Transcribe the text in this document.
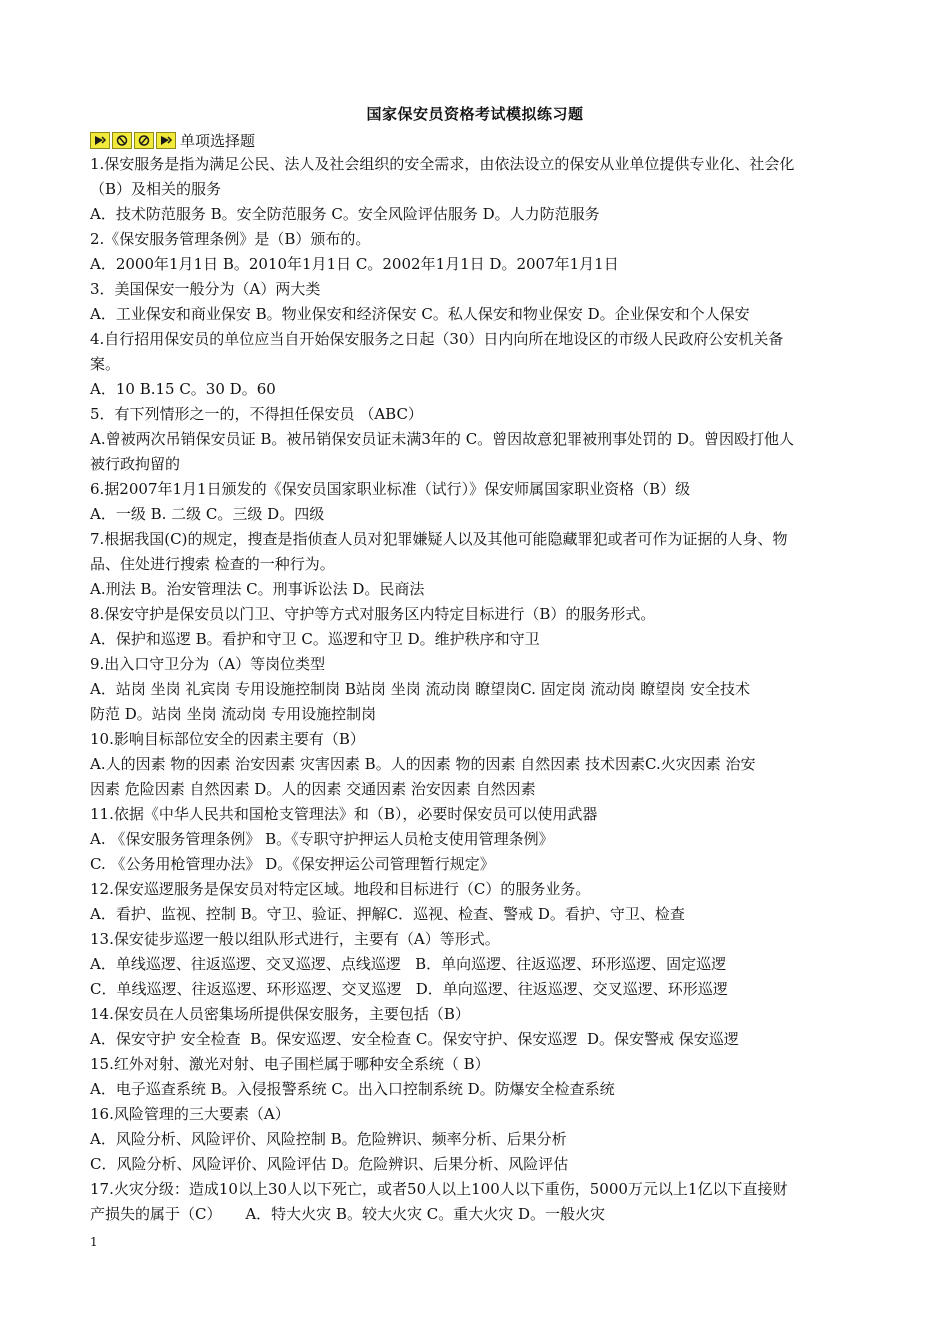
国家保安员资格考试模拟练习题
单项选择题
1.保安服务是指为满足公民、法人及社会组织的安全需求，由依法设立的保安从业单位提供专业化、社会化
（B）及相关的服务
A．技术防范服务 B。安全防范服务 C。安全风险评估服务 D。人力防范服务
2.《保安服务管理条例》是（B）颁布的。
A．2000年1月1日 B。2010年1月1日 C。2002年1月1日 D。2007年1月1日
3．美国保安一般分为（A）两大类
A．工业保安和商业保安 B。物业保安和经济保安 C。私人保安和物业保安 D。企业保安和个人保安
4.自行招用保安员的单位应当自开始保安服务之日起（30）日内向所在地设区的市级人民政府公安机关备
案。
A．10 B.15 C。30 D。60
5．有下列情形之一的，不得担任保安员 （ABC）
A.曾被两次吊销保安员证 B。被吊销保安员证未满3年的 C。曾因故意犯罪被刑事处罚的 D。曾因殴打他人
被行政拘留的
6.据2007年1月1日颁发的《保安员国家职业标准（试行）》保安师属国家职业资格（B）级
A．一级 B. 二级 C。三级 D。四级
7.根据我国(C)的规定，搜查是指侦查人员对犯罪嫌疑人以及其他可能隐藏罪犯或者可作为证据的人身、物
品、住处进行搜索 检查的一种行为。
A.刑法 B。治安管理法 C。刑事诉讼法 D。民商法
8.保安守护是保安员以门卫、守护等方式对服务区内特定目标进行（B）的服务形式。
A．保护和巡逻 B。看护和守卫 C。巡逻和守卫 D。维护秩序和守卫
9.出入口守卫分为（A）等岗位类型
A．站岗 坐岗 礼宾岗 专用设施控制岗 B站岗 坐岗 流动岗 瞭望岗C. 固定岗 流动岗 瞭望岗 安全技术
防范 D。站岗 坐岗 流动岗 专用设施控制岗
10.影响目标部位安全的因素主要有（B）
A.人的因素 物的因素 治安因素 灾害因素 B。人的因素 物的因素 自然因素 技术因素C.火灾因素 治安
因素 危险因素 自然因素 D。人的因素 交通因素 治安因素 自然因素
11.依据《中华人民共和国枪支管理法》和（B），必要时保安员可以使用武器
A. 《保安服务管理条例》 B。《专职守护押运人员枪支使用管理条例》
C. 《公务用枪管理办法》 D。《保安押运公司管理暂行规定》
12.保安巡逻服务是保安员对特定区域。地段和目标进行（C）的服务业务。
A．看护、监视、控制 B。守卫、验证、押解C．巡视、检查、警戒 D。看护、守卫、检查
13.保安徒步巡逻一般以组队形式进行，主要有（A）等形式。
A．单线巡逻、往返巡逻、交叉巡逻、点线巡逻   B．单向巡逻、往返巡逻、环形巡逻、固定巡逻
C．单线巡逻、往返巡逻、环形巡逻、交叉巡逻   D．单向巡逻、往返巡逻、交叉巡逻、环形巡逻
14.保安员在人员密集场所提供保安服务，主要包括（B）
A．保安守护 安全检查  B。保安巡逻、安全检查 C。保安守护、保安巡逻  D。保安警戒 保安巡逻
15.红外对射、激光对射、电子围栏属于哪种安全系统（ B）
A．电子巡查系统 B。入侵报警系统 C。出入口控制系统 D。防爆安全检查系统
16.风险管理的三大要素（A）
A．风险分析、风险评价、风险控制 B。危险辨识、频率分析、后果分析
C．风险分析、风险评价、风险评估 D。危险辨识、后果分析、风险评估
17.火灾分级：造成10以上30人以下死亡，或者50人以上100人以下重伤，5000万元以上1亿以下直接财
产损失的属于（C）     A．特大火灾 B。较大火灾 C。重大火灾 D。一般火灾
1
